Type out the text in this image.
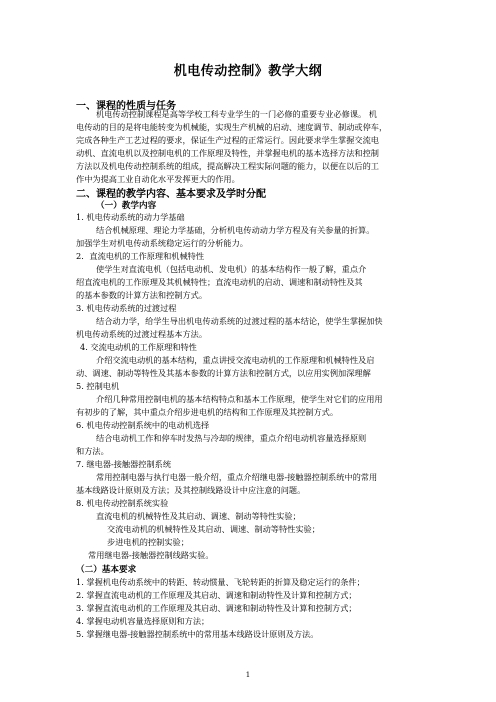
机电传动控制》教学大纲
一、课程的性质与任务
机电传动控制课程是高等学校工科专业学生的一门必修的重要专业必修课。 机
电传动的目的是将电能转变为机械能，实现生产机械的启动、速度调节、制动或停车，
完成各种生产工艺过程的要求，保证生产过程的正常运行。因此要求学生掌握交流电
动机、直流电机以及控制电机的工作原理及特性，并掌握电机的基本选择方法和控制
方法以及机电传动控制系统的组成，提高解决工程实际问题的能力，以便在以后的工
作中为提高工业自动化水平发挥更大的作用。
二、课程的教学内容、基本要求及学时分配
（一）教学内容
1. 机电传动系统的动力学基础
结合机械原理、理论力学基础，分析机电传动动力学方程及有关参量的折算。
加强学生对机电传动系统稳定运行的分析能力。
2．直流电机的工作原理和机械特性
使学生对直流电机（包括电动机、发电机）的基本结构作一般了解，重点介
绍直流电机的工作原理及其机械特性；直流电动机的启动、调速和制动特性及其
的基本参数的计算方法和控制方式。
3. 机电传动系统的过渡过程
结合动力学，给学生导出机电传动系统的过渡过程的基本结论，使学生掌握加快
机电传动系统的过渡过程基本方法。
4. 交流电动机的工作原理和特性
介绍交流电动机的基本结构，重点讲授交流电动机的工作原理和机械特性及启
动、调速、制动等特性及其基本参数的计算方法和控制方式，以应用实例加深理解
5. 控制电机
介绍几种常用控制电机的基本结构特点和基本工作原理，使学生对它们的应用用
有初步的了解，其中重点介绍步进电机的结构和工作原理及其控制方式。
6. 机电传动控制系统中的电动机选择
结合电动机工作和停车时发热与冷却的规律，重点介绍电动机容量选择原则
和方法。
7. 继电器-接触器控制系统
常用控制电器与执行电器一般介绍，重点介绍继电器-接触器控制系统中的常用
基本线路设计原则及方法；及其控制线路设计中应注意的问题。
8. 机电传动控制系统实验
直流电机的机械特性及其启动、调速、制动等特性实验；
交流电动机的机械特性及其启动、调速、制动等特性实验；
步进电机的控制实验；
常用继电器-接触器控制线路实验。
（二）基本要求
1. 掌握机电传动系统中的转距、转动惯量、飞轮转距的折算及稳定运行的条件；
2. 掌握直流电动机的工作原理及其启动、调速和制动特性及计算和控制方式；
3. 掌握直流电动机的工作原理及其启动、调速和制动特性及计算和控制方式；
4. 掌握电动机容量选择原则和方法；
5. 掌握继电器-接触器控制系统中的常用基本线路设计原则及方法。
1
